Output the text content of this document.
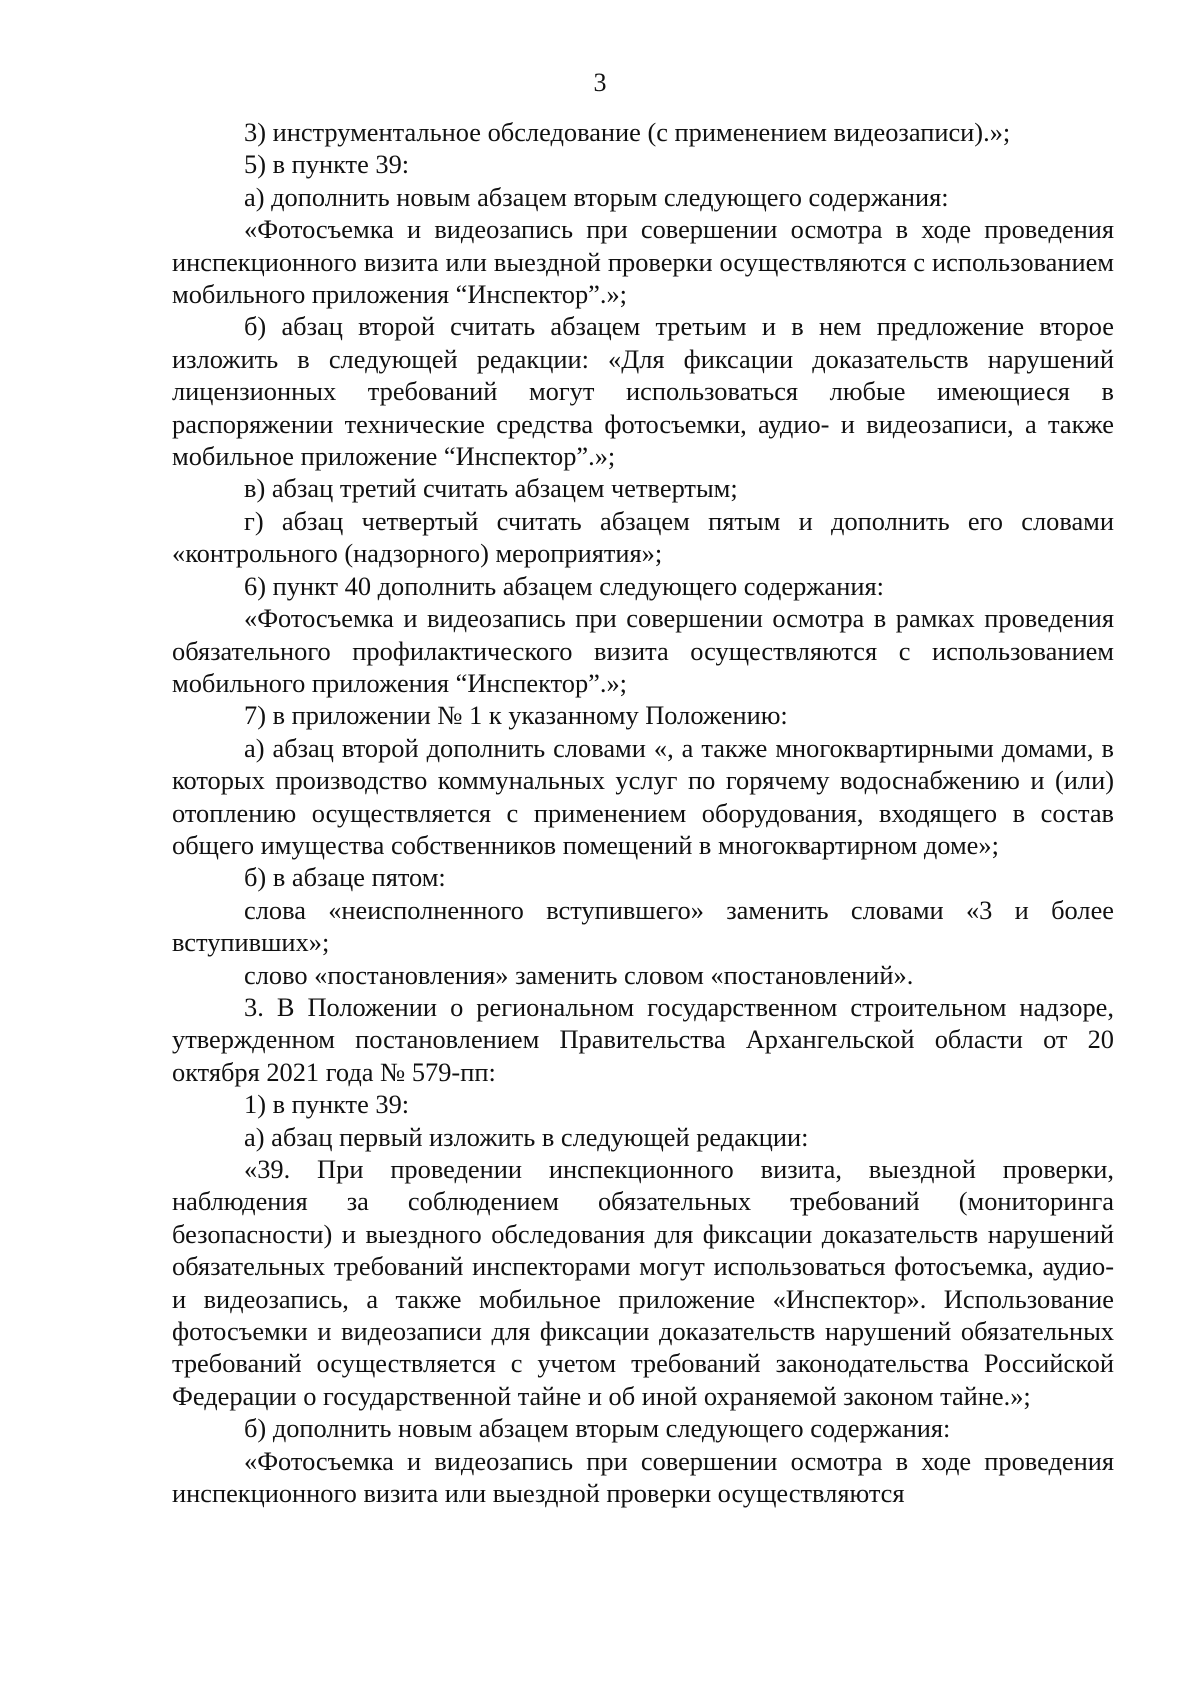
3

3) инструментальное обследование (с применением видеозаписи).»;

5) в пункте 39:

а) дополнить новым абзацем вторым следующего содержания:

«Фотосъемка и видеозапись при совершении осмотра в ходе проведения инспекционного визита или выездной проверки осуществляются с использованием мобильного приложения “Инспектор”.»;

б) абзац второй считать абзацем третьим и в нем предложение второе изложить в следующей редакции: «Для фиксации доказательств нарушений лицензионных требований могут использоваться любые имеющиеся в распоряжении технические средства фотосъемки, аудио- и видеозаписи, а также мобильное приложение “Инспектор”.»;

в) абзац третий считать абзацем четвертым;

г) абзац четвертый считать абзацем пятым и дополнить его словами «контрольного (надзорного) мероприятия»;

6) пункт 40 дополнить абзацем следующего содержания:

«Фотосъемка и видеозапись при совершении осмотра в рамках проведения обязательного профилактического визита осуществляются с использованием мобильного приложения “Инспектор”.»;

7) в приложении № 1 к указанному Положению:

а) абзац второй дополнить словами «, а также многоквартирными домами, в которых производство коммунальных услуг по горячему водоснабжению и (или) отоплению осуществляется с применением оборудования, входящего в состав общего имущества собственников помещений в многоквартирном доме»;

б) в абзаце пятом:

слова «неисполненного вступившего» заменить словами «3 и более вступивших»;

слово «постановления» заменить словом «постановлений».

3. В Положении о региональном государственном строительном надзоре, утвержденном постановлением Правительства Архангельской области от 20 октября 2021 года № 579-пп:

1) в пункте 39:

а) абзац первый изложить в следующей редакции:

«39. При проведении инспекционного визита, выездной проверки, наблюдения за соблюдением обязательных требований (мониторинга безопасности) и выездного обследования для фиксации доказательств нарушений обязательных требований инспекторами могут использоваться фотосъемка, аудио- и видеозапись, а также мобильное приложение «Инспектор». Использование фотосъемки и видеозаписи для фиксации доказательств нарушений обязательных требований осуществляется с учетом требований законодательства Российской Федерации о государственной тайне и об иной охраняемой законом тайне.»;

б) дополнить новым абзацем вторым следующего содержания:

«Фотосъемка и видеозапись при совершении осмотра в ходе проведения инспекционного визита или выездной проверки осуществляются
